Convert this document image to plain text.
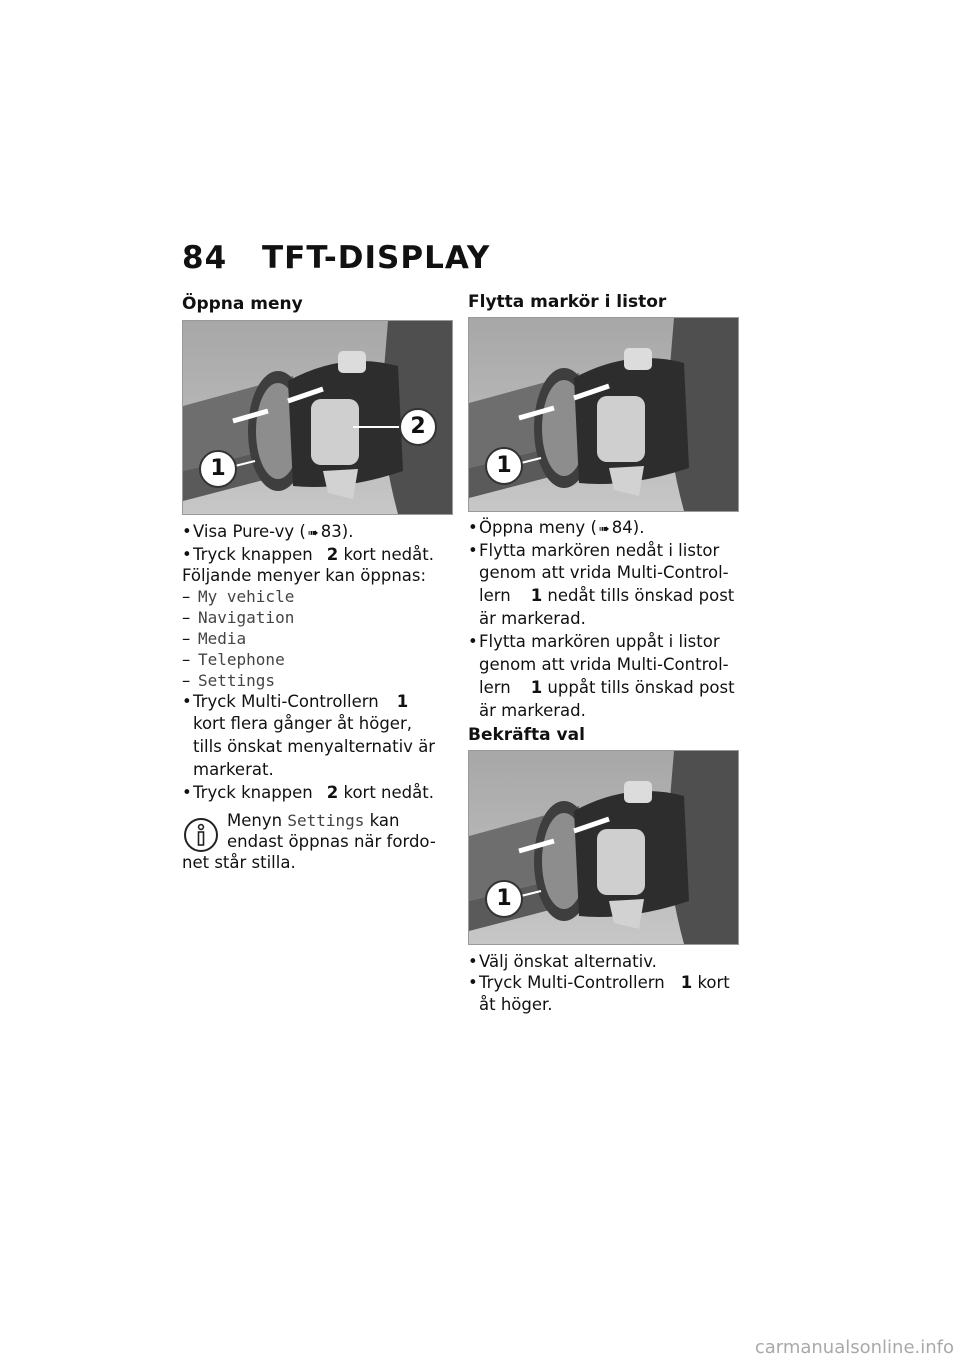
84 TFT-DISPLAY
Öppna meny
2
1
•Visa Pure-vy ( ➠ 83).
•Tryck knappen 2 kort nedåt.
Följande menyer kan öppnas:
– My vehicle
– Navigation
– Media
– Telephone
– Settings
•Tryck Multi-Controllern 1
kort flera gånger åt höger,
tills önskat menyalternativ är
markerat.
•Tryck knappen 2 kort nedåt.
Menyn Settings kan
endast öppnas när fordo-
net står stilla.
Flytta markör i listor
1
•Öppna meny ( ➠ 84).
•Flytta markören nedåt i listor
genom att vrida Multi-Control-
lern 1 nedåt tills önskad post
är markerad.
•Flytta markören uppåt i listor
genom att vrida Multi-Control-
lern 1 uppåt tills önskad post
är markerad.
Bekräfta val
1
•Välj önskat alternativ.
•Tryck Multi-Controllern 1 kort
åt höger.
carmanualsonline.info
